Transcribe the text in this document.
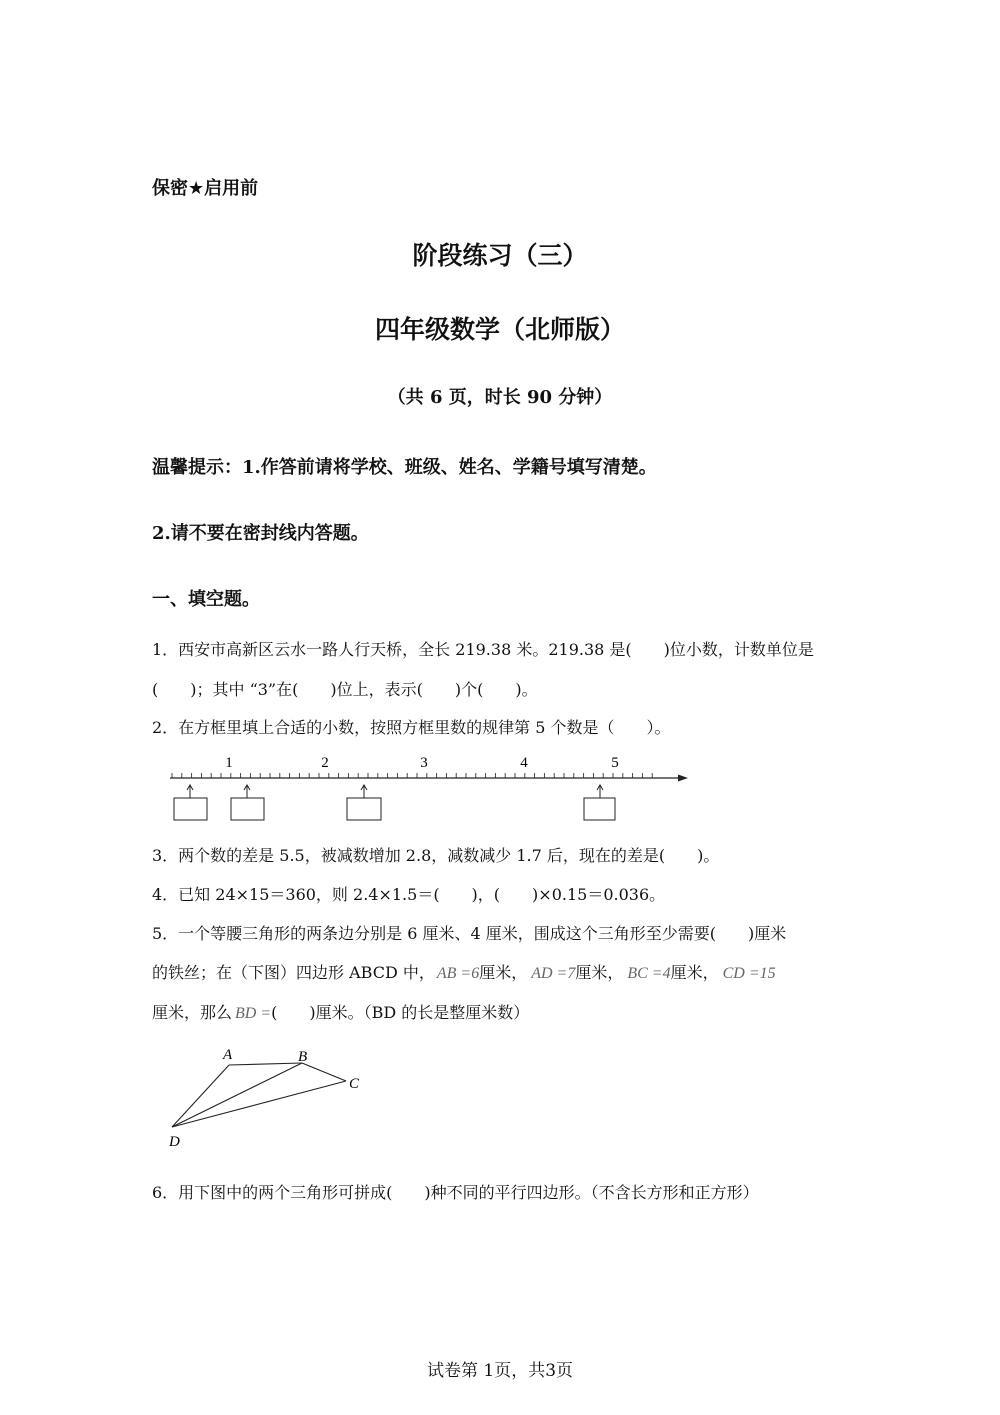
保密★启用前
阶段练习（三）
四年级数学（北师版）
（共 6 页，时长 90 分钟）
温馨提示：1.作答前请将学校、班级、姓名、学籍号填写清楚。
2.请不要在密封线内答题。
一、填空题。
1．西安市高新区云水一路人行天桥，全长 219.38 米。219.38 是(　　)位小数，计数单位是
(　　)；其中 “3”在(　　)位上，表示(　　)个(　　)。
2．在方框里填上合适的小数，按照方框里数的规律第 5 个数是（　　）。
1	2	3	4	5
3．两个数的差是 5.5，被减数增加 2.8，减数减少 1.7 后，现在的差是(　　)。
4．已知 24×15＝360，则 2.4×1.5＝(　　)，(　　)×0.15＝0.036。
5．一个等腰三角形的两条边分别是 6 厘米、4 厘米，围成这个三角形至少需要(　　)厘米
的铁丝；在（下图）四边形 ABCD 中， AB =6厘米， AD =7厘米， BC =4厘米， CD =15
厘米，那么 BD =(　　)厘米。（BD 的长是整厘米数）
A	B
C
D
6．用下图中的两个三角形可拼成(　　)种不同的平行四边形。（不含长方形和正方形）
试卷第 1页，共3页
